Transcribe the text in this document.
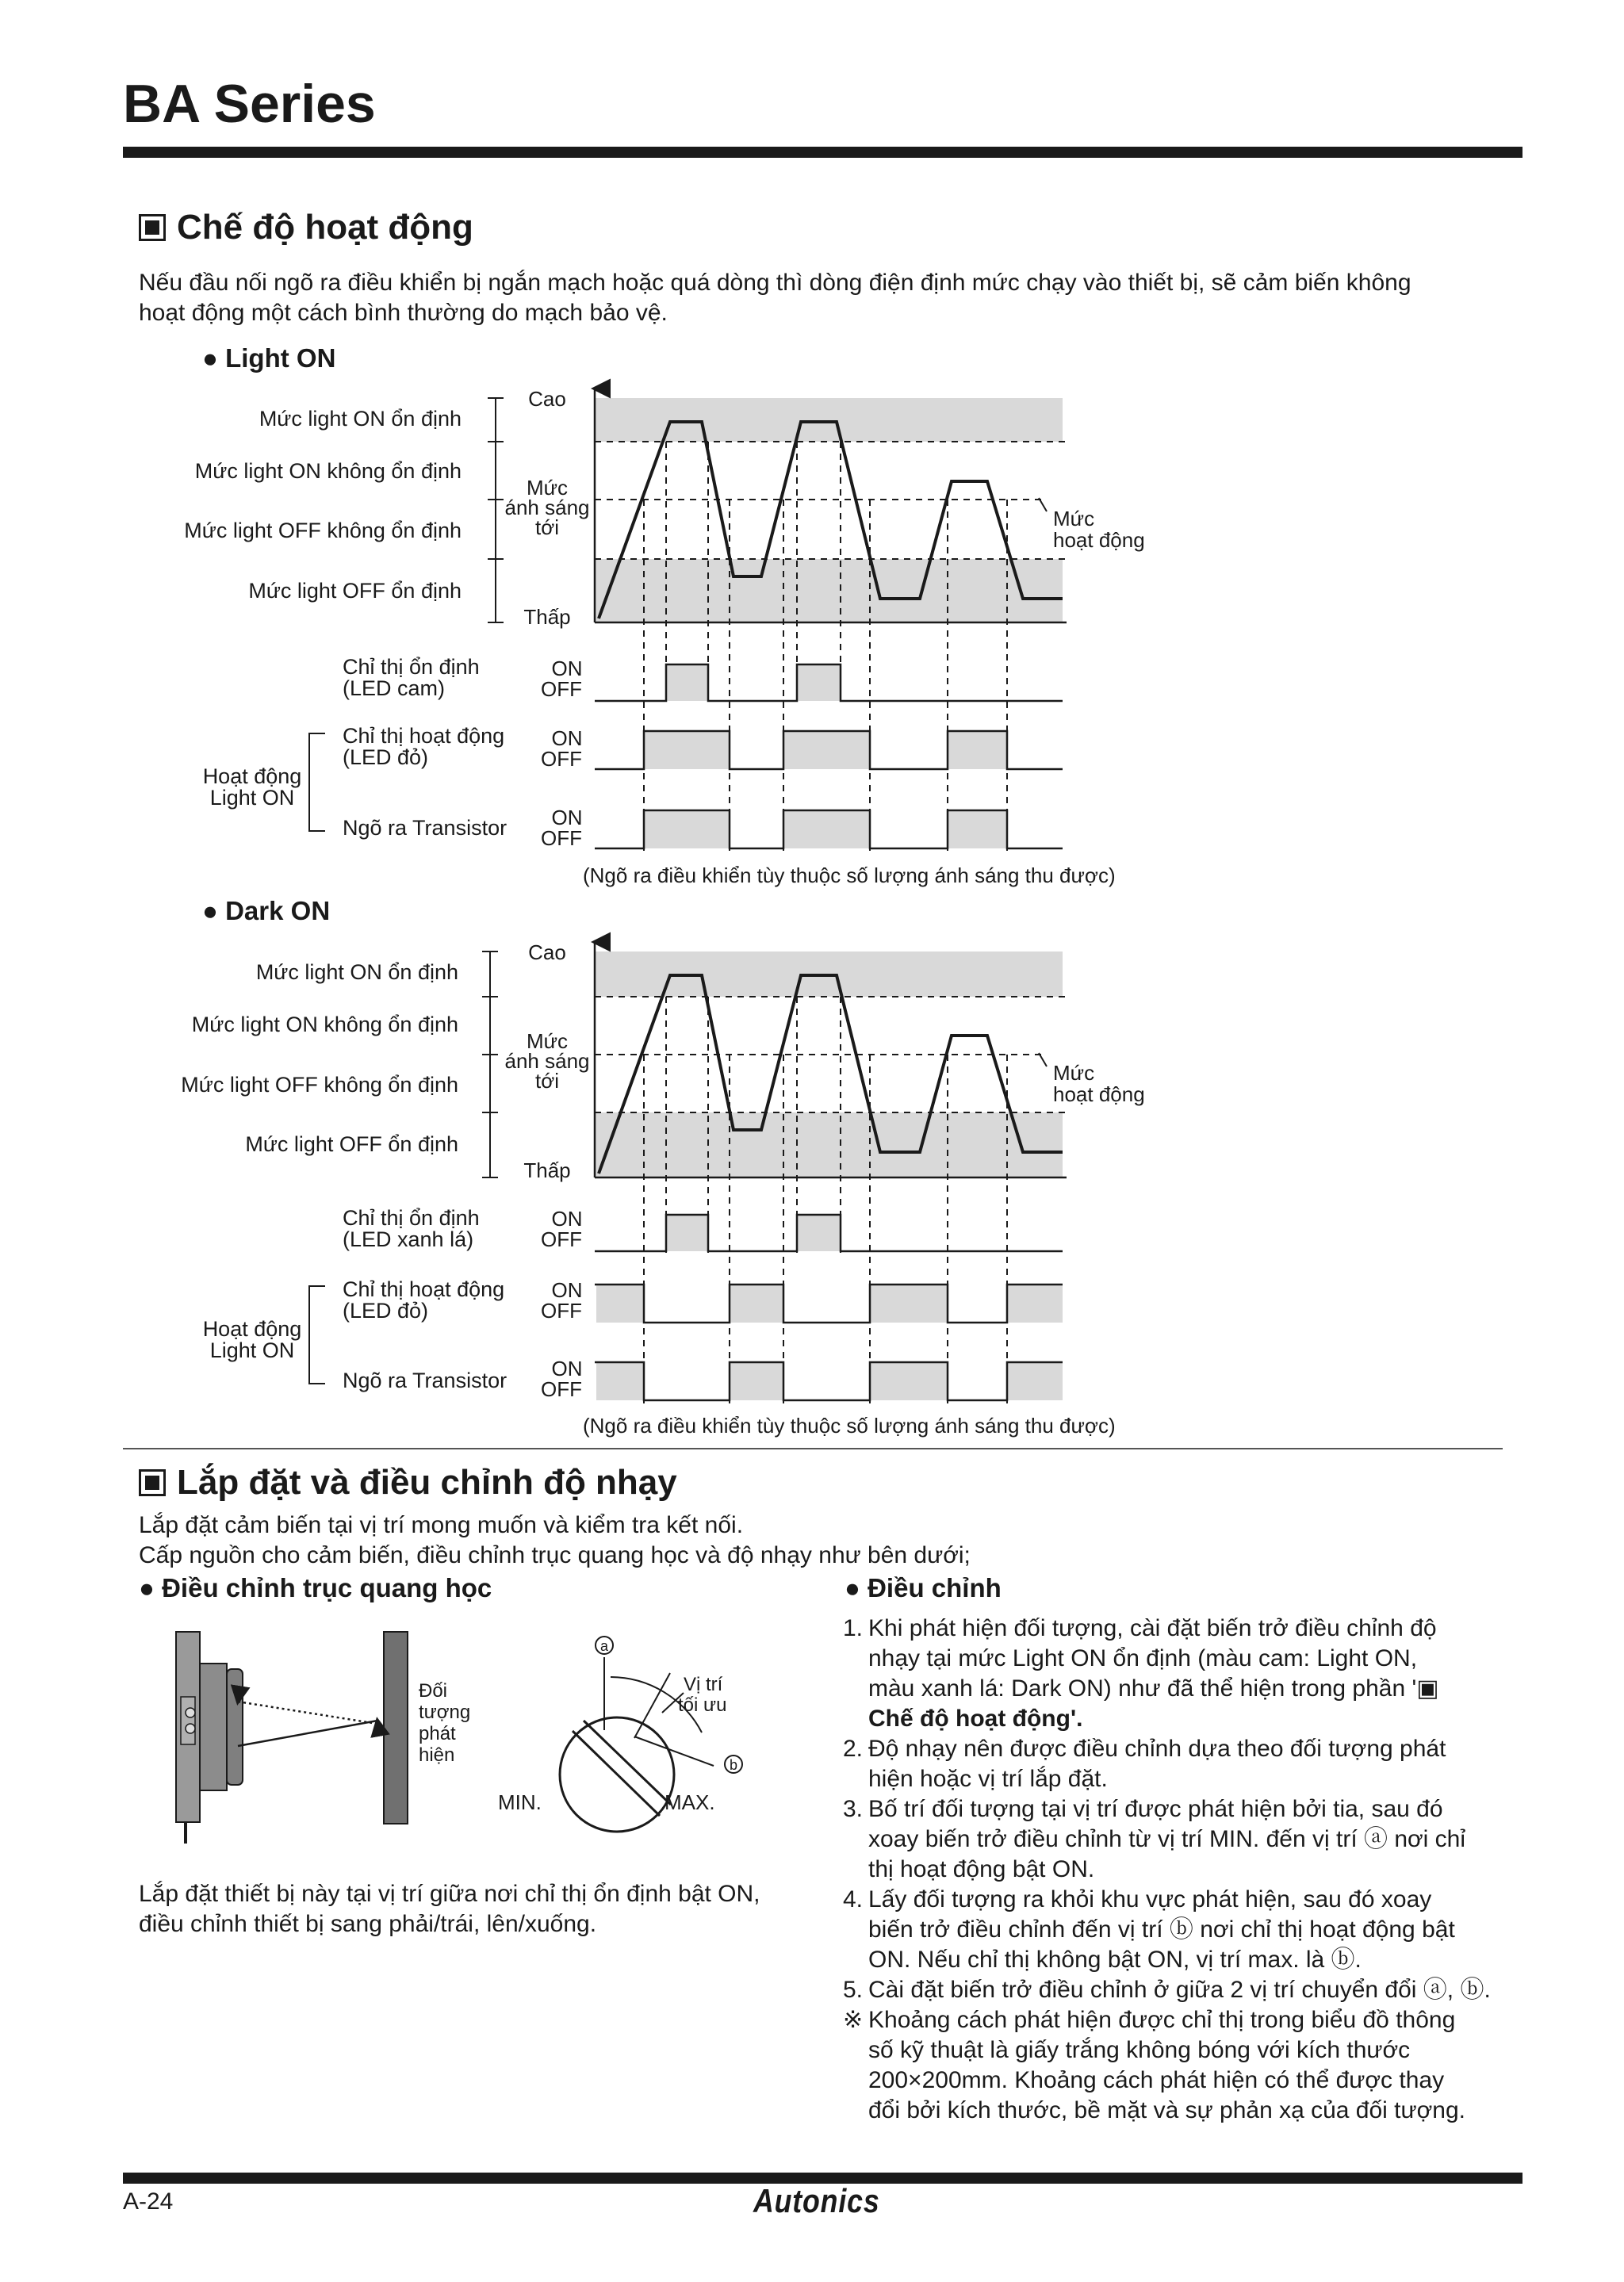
BA Series
Chế độ hoạt động
Nếu đầu nối ngõ ra điều khiển bị ngắn mạch hoặc quá dòng thì dòng điện định mức chạy vào thiết bị, sẽ cảm biến không
hoạt động một cách bình thường do mạch bảo vệ.
● Light ON
Mức light ON ổn định
Mức light ON không ổn định
Mức light OFF không ổn định
Mức light OFF ổn định
Cao
Mức
ánh sáng
tới
Thấp
Mức
hoạt động
Chỉ thị ổn định
(LED cam)
Chỉ thị hoạt động
(LED đỏ)
Hoạt động
Light ON
Ngõ ra Transistor
ON
OFF
ON
OFF
ON
OFF
(Ngõ ra điều khiển tùy thuộc số lượng ánh sáng thu được)
Mức light ON ổn định
Mức light ON không ổn định
Mức light OFF không ổn định
Mức light OFF ổn định
Cao
Mức
ánh sáng
tới
Thấp
Mức
hoạt động
Chỉ thị ổn định
(LED xanh lá)
Chỉ thị hoạt động
(LED đỏ)
Hoạt động
Light ON
Ngõ ra Transistor
ON
OFF
ON
OFF
ON
OFF
(Ngõ ra điều khiển tùy thuộc số lượng ánh sáng thu được)
Đối
tượng
phát
hiện
a
b
Vị trí
tối ưu
MIN.	MAX.
● Dark ON
Lắp đặt và điều chỉnh độ nhạy
Lắp đặt cảm biến tại vị trí mong muốn và kiểm tra kết nối.
Cấp nguồn cho cảm biến, điều chỉnh trục quang học và độ nhạy như bên dưới;
● Điều chỉnh trục quang học	● Điều chỉnh
Lắp đặt thiết bị này tại vị trí giữa nơi chỉ thị ổn định bật ON,
điều chỉnh thiết bị sang phải/trái, lên/xuống.
1. Khi phát hiện đối tượng, cài đặt biến trở điều chỉnh độ
nhạy tại mức Light ON ổn định (màu cam: Light ON,
màu xanh lá: Dark ON) như đã thể hiện trong phần '▣
Chế độ hoạt động'.
2. Độ nhạy nên được điều chỉnh dựa theo đối tượng phát
hiện hoặc vị trí lắp đặt.
3. Bố trí đối tượng tại vị trí được phát hiện bởi tia, sau đó
xoay biến trở điều chỉnh từ vị trí MIN. đến vị trí ⓐ nơi chỉ
thị hoạt động bật ON.
4. Lấy đối tượng ra khỏi khu vực phát hiện, sau đó xoay
biến trở điều chỉnh đến vị trí ⓑ nơi chỉ thị hoạt động bật
ON. Nếu chỉ thị không bật ON, vị trí max. là ⓑ.
5. Cài đặt biến trở điều chỉnh ở giữa 2 vị trí chuyển đổi ⓐ, ⓑ.
※ Khoảng cách phát hiện được chỉ thị trong biểu đồ thông
số kỹ thuật là giấy trắng không bóng với kích thước
200×200mm. Khoảng cách phát hiện có thể được thay
đổi bởi kích thước, bề mặt và sự phản xạ của đối tượng.
A-24	Autonics
